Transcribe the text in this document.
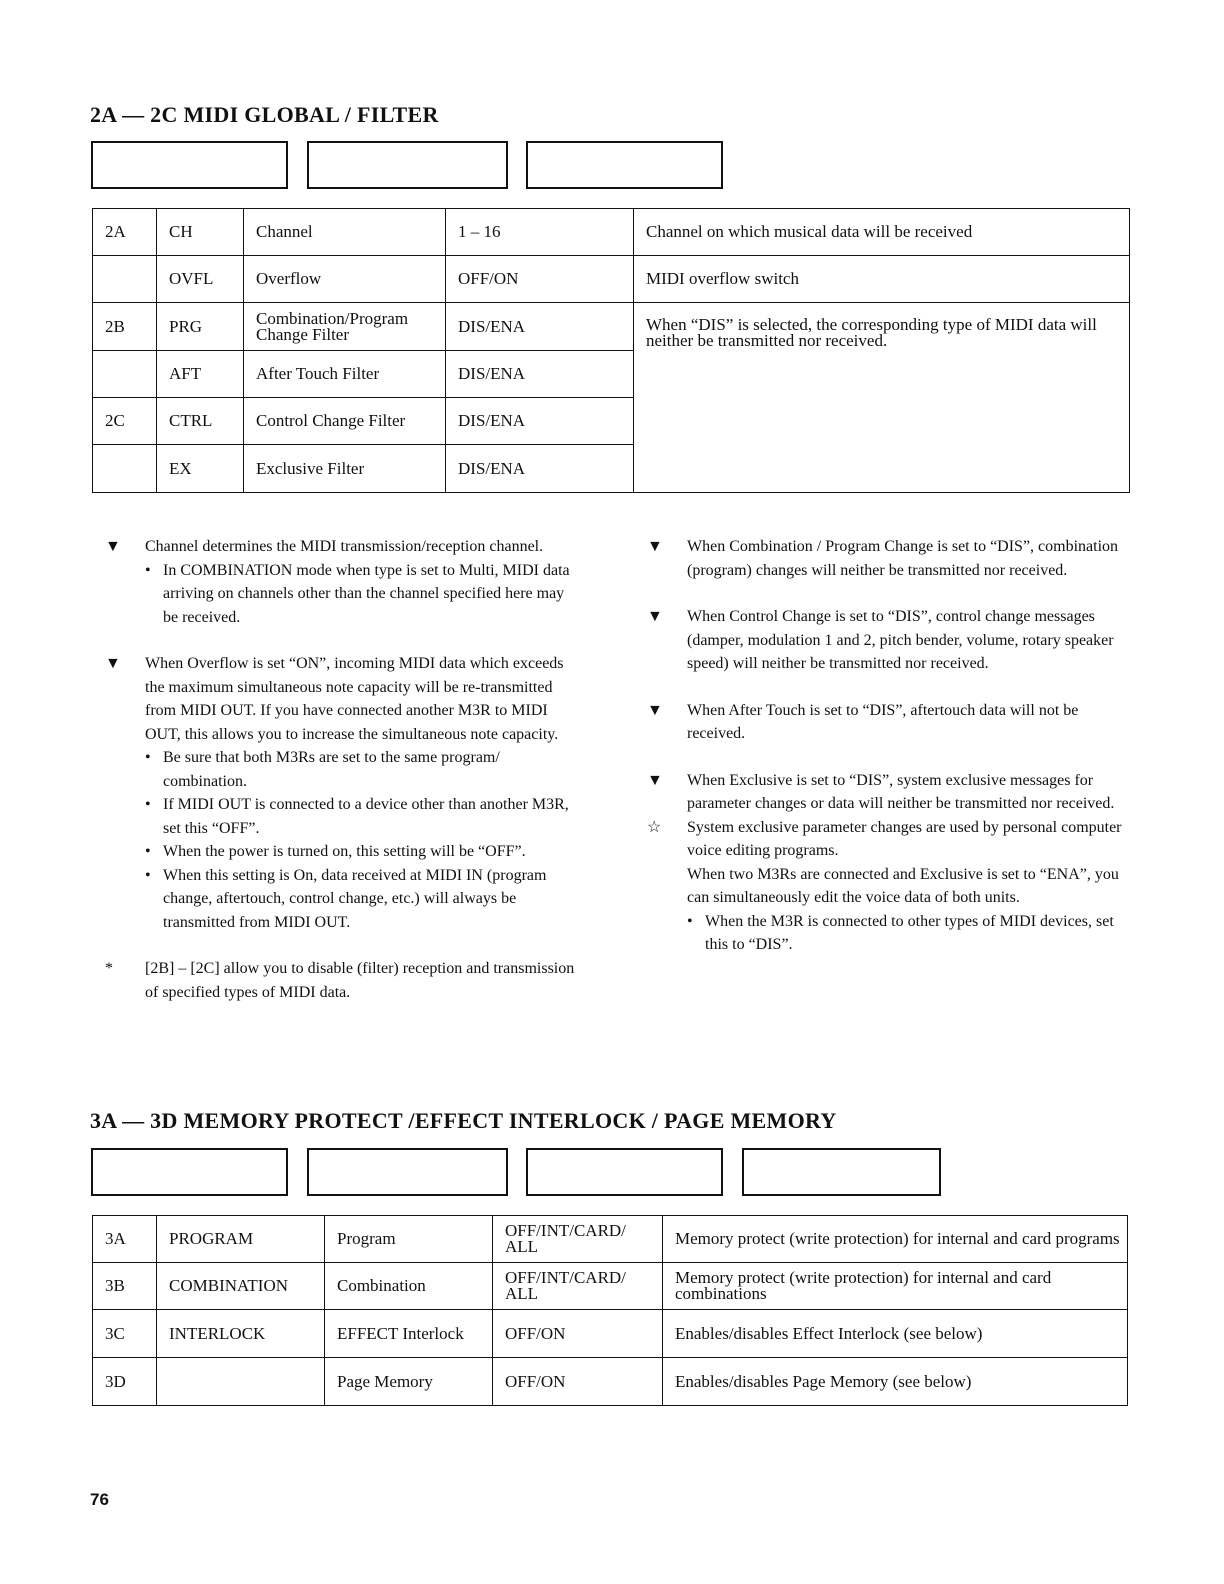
2A — 2C MIDI GLOBAL / FILTER

2A	CH	Channel	1 – 16	Channel on which musical data will be received
	OVFL	Overflow	OFF/ON	MIDI overflow switch
2B	PRG	Combination/Program Change Filter	DIS/ENA	When “DIS” is selected, the corresponding type of MIDI data will neither be transmitted nor received.
	AFT	After Touch Filter	DIS/ENA	
2C	CTRL	Control Change Filter	DIS/ENA	
	EX	Exclusive Filter	DIS/ENA	

▼	Channel determines the MIDI transmission/reception channel.

• In COMBINATION mode when type is set to Multi, MIDI data arriving on channels other than the channel specified here may be received.

▼	When Overflow is set “ON”, incoming MIDI data which exceeds the maximum simultaneous note capacity will be re-transmitted from MIDI OUT. If you have connected another M3R to MIDI OUT, this allows you to increase the simultaneous note capacity.

• Be sure that both M3Rs are set to the same program/ combination.

• If MIDI OUT is connected to a device other than another M3R, set this “OFF”.

• When the power is turned on, this setting will be “OFF”.

• When this setting is On, data received at MIDI IN (program change, aftertouch, control change, etc.) will always be transmitted from MIDI OUT.

*	[2B] – [2C] allow you to disable (filter) reception and transmission of specified types of MIDI data.

▼	When Combination / Program Change is set to “DIS”, combination (program) changes will neither be transmitted nor received.

▼	When Control Change is set to “DIS”, control change messages (damper, modulation 1 and 2, pitch bender, volume, rotary speaker speed) will neither be transmitted nor received.

▼	When After Touch is set to “DIS”, aftertouch data will not be received.

▼	When Exclusive is set to “DIS”, system exclusive messages for parameter changes or data will neither be transmitted nor received.

☆	System exclusive parameter changes are used by personal computer voice editing programs.

When two M3Rs are connected and Exclusive is set to “ENA”, you can simultaneously edit the voice data of both units.

• When the M3R is connected to other types of MIDI devices, set this to “DIS”.

3A — 3D MEMORY PROTECT /EFFECT INTERLOCK / PAGE MEMORY

3A	PROGRAM	Program	OFF/INT/CARD/ ALL	Memory protect (write protection) for internal and card programs
3B	COMBINATION	Combination	OFF/INT/CARD/ ALL	Memory protect (write protection) for internal and card combinations
3C	INTERLOCK	EFFECT Interlock	OFF/ON	Enables/disables Effect Interlock (see below)
3D		Page Memory	OFF/ON	Enables/disables Page Memory (see below)
76
